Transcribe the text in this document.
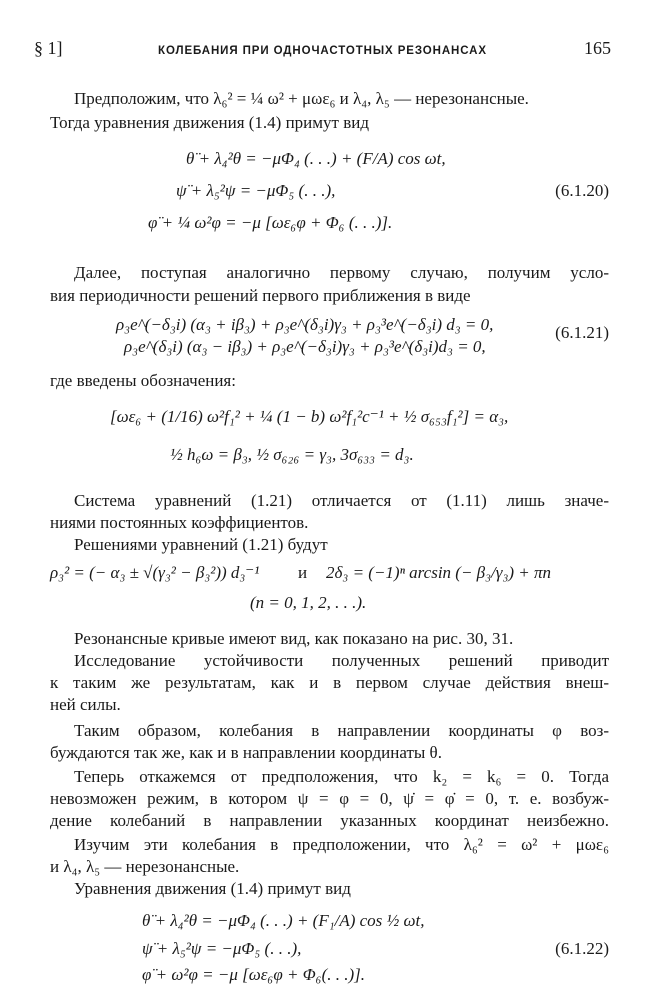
§ 1]	КОЛЕБАНИЯ ПРИ ОДНОЧАСТОТНЫХ РЕЗОНАНСАХ	165
Предположим, что λ₆² = ¼ ω² + μωε₆ и λ₄, λ₅ — нерезонансные.
Тогда уравнения движения (1.4) примут вид
θ̈ + λ₄²θ = −μΦ₄ (. . .) + (F/A) cos ωt,
ψ̈ + λ₅²ψ = −μΦ₅ (. . .),	(6.1.20)
φ̈ + ¼ ω²φ = −μ [ωε₆φ + Φ₆ (. . .)].
Далее, поступая аналогично первому случаю, получим усло-
вия периодичности решений первого приближения в виде
ρ₃e^(−δ₃i) (α₃ + iβ₃) + ρ₃e^(δ₃i)γ₃ + ρ₃³e^(−δ₃i) d₃ = 0,	(6.1.21)
ρ₃e^(δ₃i) (α₃ − iβ₃) + ρ₃e^(−δ₃i)γ₃ + ρ₃³e^(δ₃i)d₃ = 0,
где введены обозначения:
[ωε₆ + (1/16) ω²f₁² + ¼ (1 − b) ω²f₁²c⁻¹ + ½ σ₆₅₃f₁²] = α₃,
½ h₆ω = β₃, ½ σ₆₂₆ = γ₃, 3σ₆₃₃ = d₃.
Система уравнений (1.21) отличается от (1.11) лишь значе-
ниями постоянных коэффициентов.
Решениями уравнений (1.21) будут
ρ₃² = (− α₃ ± √(γ₃² − β₃²)) d₃⁻¹ и 2δ₃ = (−1)ⁿ arcsin (− β₃/γ₃) + πn
(n = 0, 1, 2, . . .).
Резонансные кривые имеют вид, как показано на рис. 30, 31.
Исследование устойчивости полученных решений приводит
к таким же результатам, как и в первом случае действия внеш-
ней силы.
Таким образом, колебания в направлении координаты φ воз-
буждаются так же, как и в направлении координаты θ.
Теперь откажемся от предположения, что k₂ = k₆ = 0. Тогда
невозможен режим, в котором ψ = φ = 0, ψ̇ = φ̇ = 0, т. е. возбуж-
дение колебаний в направлении указанных координат неизбежно.
Изучим эти колебания в предположении, что λ₆² = ω² + μωε₆
и λ₄, λ₅ — нерезонансные.
Уравнения движения (1.4) примут вид
θ̈ + λ₄²θ = −μΦ₄ (. . .) + (F₁/A) cos ½ ωt,
ψ̈ + λ₅²ψ = −μΦ₅ (. . .),	(6.1.22)
φ̈ + ω²φ = −μ [ωε₆φ + Φ₆(. . .)].
